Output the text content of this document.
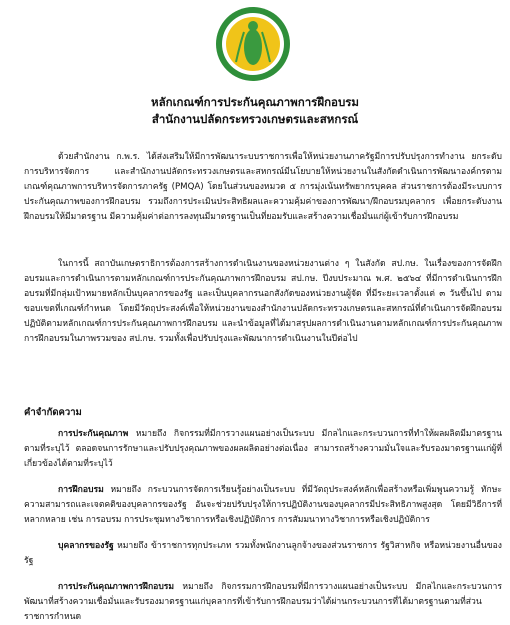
หลักเกณฑ์การประกันคุณภาพการฝึกอบรม
สำนักงานปลัดกระทรวงเกษตรและสหกรณ์

ด้วยสำนักงาน ก.พ.ร. ได้ส่งเสริมให้มีการพัฒนาระบบราชการเพื่อให้หน่วยงานภาครัฐมีการปรับปรุงการทำงาน ยกระดับการบริหารจัดการ และสำนักงานปลัดกระทรวงเกษตรและสหกรณ์มีนโยบายให้หน่วยงานในสังกัดดำเนินการพัฒนาองค์กรตามเกณฑ์คุณภาพการบริหารจัดการภาครัฐ (PMQA) โดยในส่วนของหมวด ๕ การมุ่งเน้นทรัพยากรบุคคล ส่วนราชการต้องมีระบบการประกันคุณภาพของการฝึกอบรม รวมถึงการประเมินประสิทธิผลและความคุ้มค่าของการพัฒนา/ฝึกอบรมบุคลากร เพื่อยกระดับงานฝึกอบรมให้มีมาตรฐาน มีความคุ้มค่าต่อการลงทุนมีมาตรฐานเป็นที่ยอมรับและสร้างความเชื่อมั่นแก่ผู้เข้ารับการฝึกอบรม

ในการนี้ สถาบันเกษตราธิการต้องการสร้างการดำเนินงานของหน่วยงานต่าง ๆ ในสังกัด สป.กษ. ในเรื่องของการจัดฝึกอบรมและการดำเนินการตามหลักเกณฑ์การประกันคุณภาพการฝึกอบรม สป.กษ. ปีงบประมาณ พ.ศ. ๒๕๖๔ ที่มีการดำเนินการฝึกอบรมที่มีกลุ่มเป้าหมายหลักเป็นบุคลากรของรัฐ และเป็นบุคลากรนอกสังกัดของหน่วยงานผู้จัด ที่มีระยะเวลาตั้งแต่ ๓ วันขึ้นไป ตามขอบเขตที่เกณฑ์กำหนด โดยมีวัตถุประสงค์เพื่อให้หน่วยงานของสำนักงานปลัดกระทรวงเกษตรและสหกรณ์ที่ดำเนินการจัดฝึกอบรมปฏิบัติตามหลักเกณฑ์การประกันคุณภาพการฝึกอบรม และนำข้อมูลที่ได้มาสรุปผลการดำเนินงานตามหลักเกณฑ์การประกันคุณภาพการฝึกอบรมในภาพรวมของ สป.กษ. รวมทั้งเพื่อปรับปรุงและพัฒนาการดำเนินงานในปีต่อไป

คำจำกัดความ

การประกันคุณภาพ หมายถึง กิจกรรมที่มีการวางแผนอย่างเป็นระบบ มีกลไกและกระบวนการที่ทำให้ผลผลิตมีมาตรฐานตามที่ระบุไว้ ตลอดจนการรักษาและปรับปรุงคุณภาพของผลผลิตอย่างต่อเนื่อง สามารถสร้างความมั่นใจและรับรองมาตรฐานแก่ผู้ที่เกี่ยวข้องได้ตามที่ระบุไว้

การฝึกอบรม หมายถึง กระบวนการจัดการเรียนรู้อย่างเป็นระบบ ที่มีวัตถุประสงค์หลักเพื่อสร้างหรือเพิ่มพูนความรู้ ทักษะ ความสามารถและเจตคติของบุคลากรของรัฐ อันจะช่วยปรับปรุงให้การปฏิบัติงานของบุคลากรมีประสิทธิภาพสูงสุด โดยมีวิธีการที่หลากหลาย เช่น การอบรม การประชุมทางวิชาการหรือเชิงปฏิบัติการ การสัมมนาทางวิชาการหรือเชิงปฏิบัติการ

บุคลากรของรัฐ หมายถึง ข้าราชการทุกประเภท รวมทั้งพนักงานลูกจ้างของส่วนราชการ รัฐวิสาหกิจ หรือหน่วยงานอื่นของรัฐ

การประกันคุณภาพการฝึกอบรม หมายถึง กิจกรรมการฝึกอบรมที่มีการวางแผนอย่างเป็นระบบ มีกลไกและกระบวนการพัฒนาที่สร้างความเชื่อมั่นและรับรองมาตรฐานแก่บุคลากรที่เข้ารับการฝึกอบรมว่าได้ผ่านกระบวนการที่ได้มาตรฐานตามที่ส่วนราชการกำหนด
